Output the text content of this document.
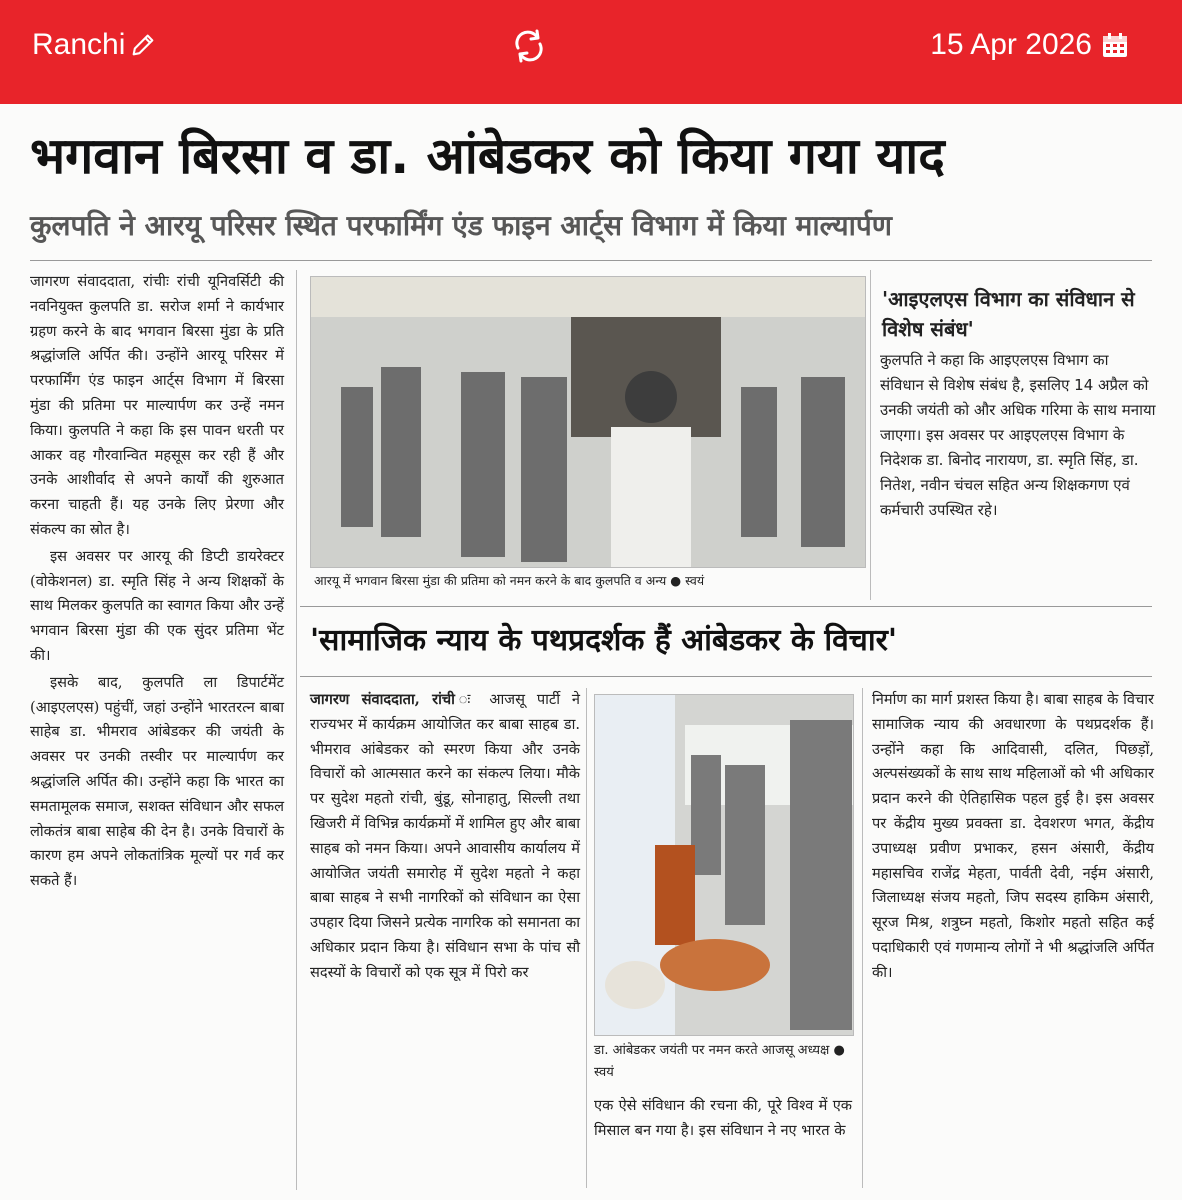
Ranchi	15 Apr 2026
भगवान बिरसा व डा. आंबेडकर को किया गया याद
कुलपति ने आरयू परिसर स्थित परफार्मिंग एंड फाइन आर्ट्स विभाग में किया माल्यार्पण

जागरण संवाददाता, रांचीः रांची यूनिवर्सिटी की नवनियुक्त कुलपति डा. सरोज शर्मा ने कार्यभार ग्रहण करने के बाद भगवान बिरसा मुंडा के प्रति श्रद्धांजलि अर्पित की। उन्होंने आरयू परिसर में परफार्मिंग एंड फाइन आर्ट्स विभाग में बिरसा मुंडा की प्रतिमा पर माल्यार्पण कर उन्हें नमन किया। कुलपति ने कहा कि इस पावन धरती पर आकर वह गौरवान्वित महसूस कर रही हैं और उनके आशीर्वाद से अपने कार्यों की शुरुआत करना चाहती हैं। यह उनके लिए प्रेरणा और संकल्प का स्रोत है।

इस अवसर पर आरयू की डिप्टी डायरेक्टर (वोकेशनल) डा. स्मृति सिंह ने अन्य शिक्षकों के साथ मिलकर कुलपति का स्वागत किया और उन्हें भगवान बिरसा मुंडा की एक सुंदर प्रतिमा भेंट की।

इसके बाद, कुलपति ला डिपार्टमेंट (आइएलएस) पहुंचीं, जहां उन्होंने भारतरत्न बाबा साहेब डा. भीमराव आंबेडकर की जयंती के अवसर पर उनकी तस्वीर पर माल्यार्पण कर श्रद्धांजलि अर्पित की। उन्होंने कहा कि भारत का समतामूलक समाज, सशक्त संविधान और सफल लोकतंत्र बाबा साहेब की देन है। उनके विचारों के कारण हम अपने लोकतांत्रिक मूल्यों पर गर्व कर सकते हैं।

आरयू में भगवान बिरसा मुंडा की प्रतिमा को नमन करने के बाद कुलपति व अन्य ● स्वयं
'आइएलएस विभाग का संविधान से विशेष संबंध'
कुलपति ने कहा कि आइएलएस विभाग का संविधान से विशेष संबंध है, इसलिए 14 अप्रैल को उनकी जयंती को और अधिक गरिमा के साथ मनाया जाएगा। इस अवसर पर आइएलएस विभाग के निदेशक डा. बिनोद नारायण, डा. स्मृति सिंह, डा. नितेश, नवीन चंचल सहित अन्य शिक्षकगण एवं कर्मचारी उपस्थित रहे।
'सामाजिक न्याय के पथप्रदर्शक हैं आंबेडकर के विचार'

जागरण संवाददाता, रांची ः आजसू पार्टी ने राज्यभर में कार्यक्रम आयोजित कर बाबा साहब डा. भीमराव आंबेडकर को स्मरण किया और उनके विचारों को आत्मसात करने का संकल्प लिया। मौके पर सुदेश महतो रांची, बुंडू, सोनाहातु, सिल्ली तथा खिजरी में विभिन्न कार्यक्रमों में शामिल हुए और बाबा साहब को नमन किया। अपने आवासीय कार्यालय में आयोजित जयंती समारोह में सुदेश महतो ने कहा बाबा साहब ने सभी नागरिकों को संविधान का ऐसा उपहार दिया जिसने प्रत्येक नागरिक को समानता का अधिकार प्रदान किया है। संविधान सभा के पांच सौ सदस्यों के विचारों को एक सूत्र में पिरो कर

डा. आंबेडकर जयंती पर नमन करते आजसू अध्यक्ष ● स्वयं

एक ऐसे संविधान की रचना की, पूरे विश्व में एक मिसाल बन गया है। इस संविधान ने नए भारत के

निर्माण का मार्ग प्रशस्त किया है। बाबा साहब के विचार सामाजिक न्याय की अवधारणा के पथप्रदर्शक हैं। उन्होंने कहा कि आदिवासी, दलित, पिछड़ों, अल्पसंख्यकों के साथ साथ महिलाओं को भी अधिकार प्रदान करने की ऐतिहासिक पहल हुई है। इस अवसर पर केंद्रीय मुख्य प्रवक्ता डा. देवशरण भगत, केंद्रीय उपाध्यक्ष प्रवीण प्रभाकर, हसन अंसारी, केंद्रीय महासचिव राजेंद्र मेहता, पार्वती देवी, नईम अंसारी, जिलाध्यक्ष संजय महतो, जिप सदस्य हाकिम अंसारी, सूरज मिश्र, शत्रुघ्न महतो, किशोर महतो सहित कई पदाधिकारी एवं गणमान्य लोगों ने भी श्रद्धांजलि अर्पित की।
